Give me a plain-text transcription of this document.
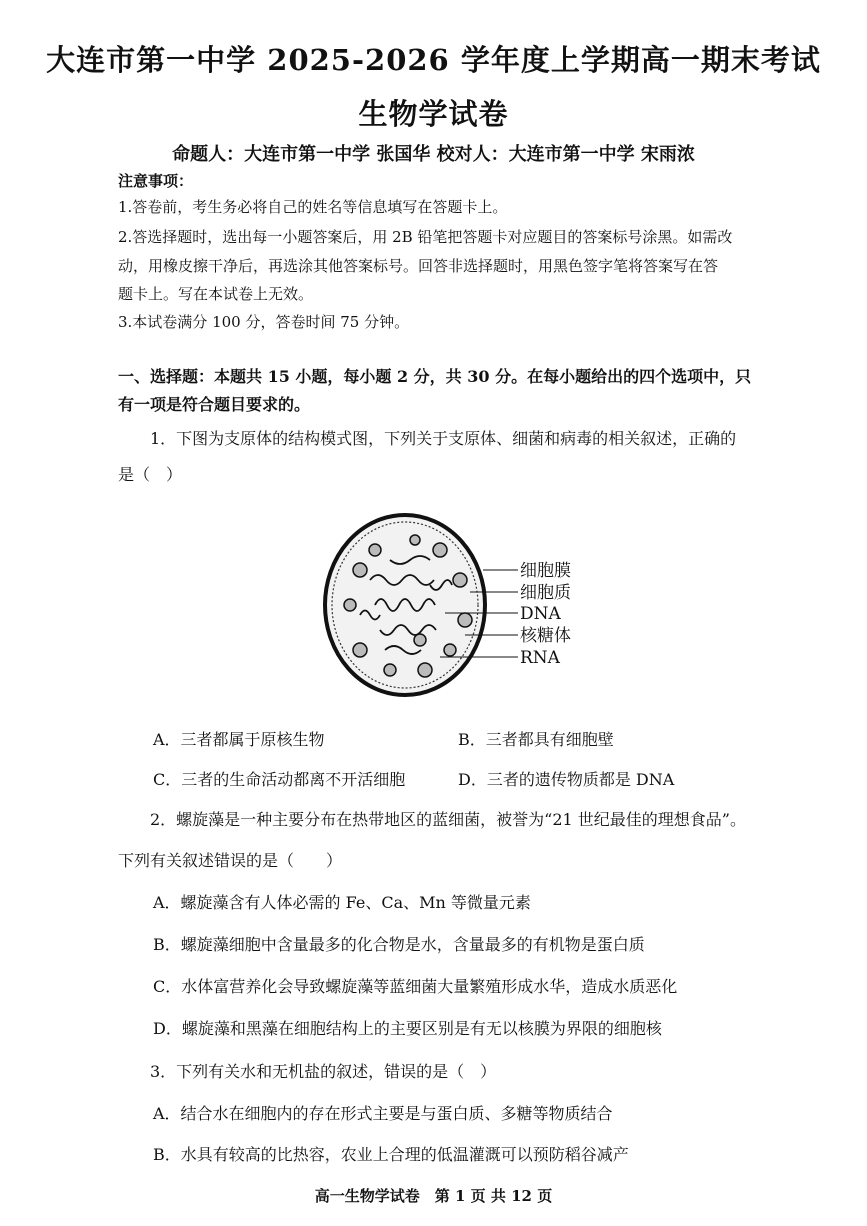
大连市第一中学 2025-2026 学年度上学期高一期末考试
生物学试卷
命题人：大连市第一中学 张国华 校对人：大连市第一中学 宋雨浓
注意事项：
1.答卷前，考生务必将自己的姓名等信息填写在答题卡上。
2.答选择题时，选出每一小题答案后，用 2B 铅笔把答题卡对应题目的答案标号涂黑。如需改
动，用橡皮擦干净后，再选涂其他答案标号。回答非选择题时，用黑色签字笔将答案写在答
题卡上。写在本试卷上无效。
3.本试卷满分 100 分，答卷时间 75 分钟。
一、选择题：本题共 15 小题，每小题 2 分，共 30 分。在每小题给出的四个选项中，只
有一项是符合题目要求的。
1．下图为支原体的结构模式图，下列关于支原体、细菌和病毒的相关叙述，正确的
是（　）
细胞膜
细胞质
DNA
核糖体
RNA
A．三者都属于原核生物	B．三者都具有细胞壁
C．三者的生命活动都离不开活细胞	D．三者的遗传物质都是 DNA
2．螺旋藻是一种主要分布在热带地区的蓝细菌，被誉为“21 世纪最佳的理想食品”。
下列有关叙述错误的是（　　）
A．螺旋藻含有人体必需的 Fe、Ca、Mn 等微量元素
B．螺旋藻细胞中含量最多的化合物是水，含量最多的有机物是蛋白质
C．水体富营养化会导致螺旋藻等蓝细菌大量繁殖形成水华，造成水质恶化
D．螺旋藻和黑藻在细胞结构上的主要区别是有无以核膜为界限的细胞核
3．下列有关水和无机盐的叙述，错误的是（　）
A．结合水在细胞内的存在形式主要是与蛋白质、多糖等物质结合
B．水具有较高的比热容，农业上合理的低温灌溉可以预防稻谷减产
高一生物学试卷　第 1 页 共 12 页
